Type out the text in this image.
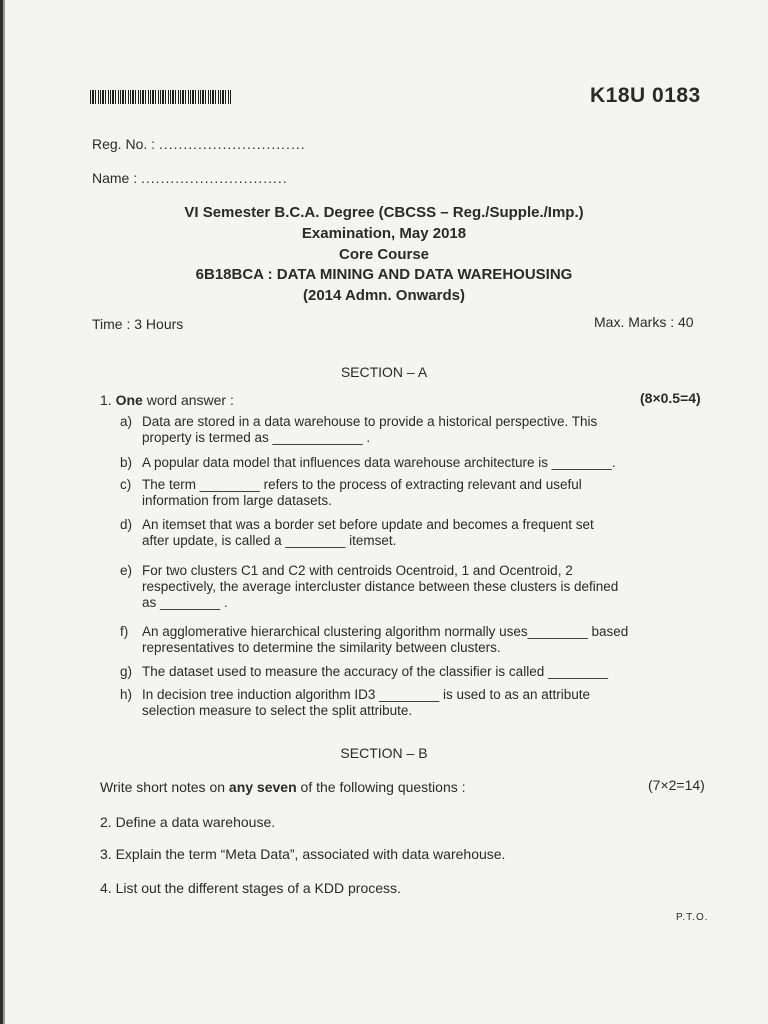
K18U 0183
Reg. No. : ..............................
Name : ..............................
VI Semester B.C.A. Degree (CBCSS – Reg./Supple./Imp.)
Examination, May 2018
Core Course
6B18BCA : DATA MINING AND DATA WAREHOUSING
(2014 Admn. Onwards)
Time : 3 Hours	Max. Marks : 40
SECTION – A
1. One word answer :	(8×0.5=4)
a) Data are stored in a data warehouse to provide a historical perspective. This
property is termed as ____________ .
b) A popular data model that influences data warehouse architecture is ________.
c) The term ________ refers to the process of extracting relevant and useful
information from large datasets.
d) An itemset that was a border set before update and becomes a frequent set
after update, is called a ________ itemset.
e) For two clusters C1 and C2 with centroids Ocentroid, 1 and Ocentroid, 2
respectively, the average intercluster distance between these clusters is defined
as ________ .
f) An agglomerative hierarchical clustering algorithm normally uses________ based
representatives to determine the similarity between clusters.
g) The dataset used to measure the accuracy of the classifier is called ________
h) In decision tree induction algorithm ID3 ________ is used to as an attribute
selection measure to select the split attribute.
SECTION – B
Write short notes on any seven of the following questions :	(7×2=14)
2. Define a data warehouse.
3. Explain the term “Meta Data”, associated with data warehouse.
4. List out the different stages of a KDD process.
P.T.O.
